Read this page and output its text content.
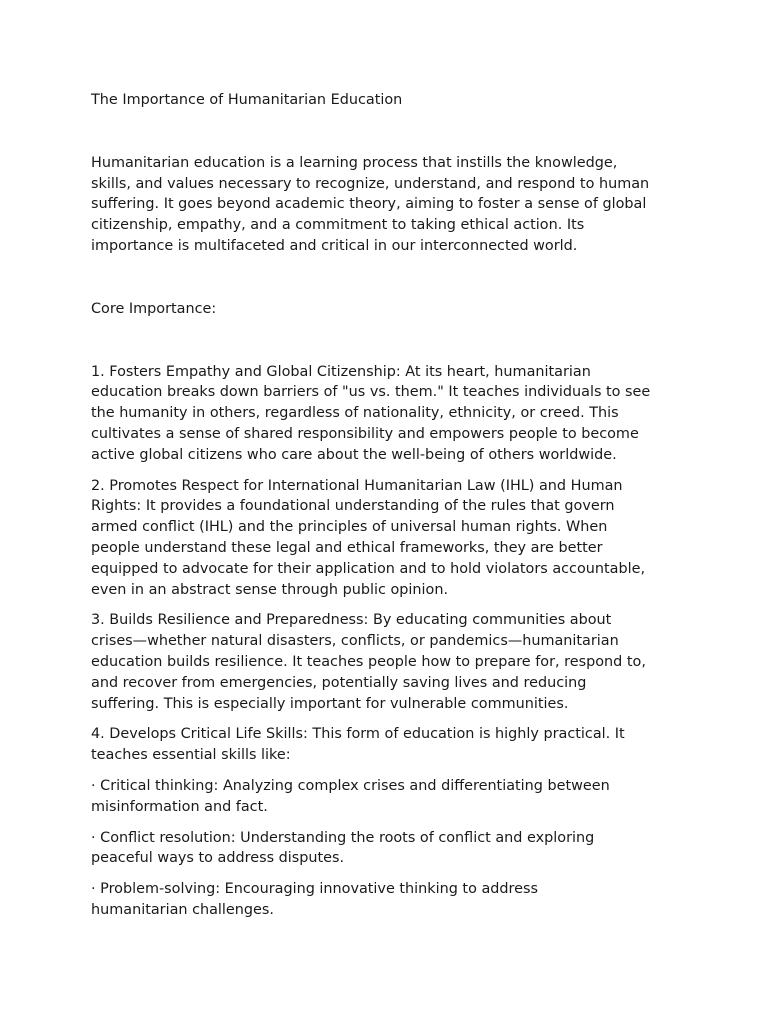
The Importance of Humanitarian Education

Humanitarian education is a learning process that instills the knowledge,
skills, and values necessary to recognize, understand, and respond to human
suffering. It goes beyond academic theory, aiming to foster a sense of global
citizenship, empathy, and a commitment to taking ethical action. Its
importance is multifaceted and critical in our interconnected world.

Core Importance:

1. Fosters Empathy and Global Citizenship: At its heart, humanitarian
education breaks down barriers of "us vs. them." It teaches individuals to see
the humanity in others, regardless of nationality, ethnicity, or creed. This
cultivates a sense of shared responsibility and empowers people to become
active global citizens who care about the well-being of others worldwide.

2. Promotes Respect for International Humanitarian Law (IHL) and Human
Rights: It provides a foundational understanding of the rules that govern
armed conflict (IHL) and the principles of universal human rights. When
people understand these legal and ethical frameworks, they are better
equipped to advocate for their application and to hold violators accountable,
even in an abstract sense through public opinion.

3. Builds Resilience and Preparedness: By educating communities about
crises—whether natural disasters, conflicts, or pandemics—humanitarian
education builds resilience. It teaches people how to prepare for, respond to,
and recover from emergencies, potentially saving lives and reducing
suffering. This is especially important for vulnerable communities.

4. Develops Critical Life Skills: This form of education is highly practical. It
teaches essential skills like:

· Critical thinking: Analyzing complex crises and differentiating between
misinformation and fact.

· Conflict resolution: Understanding the roots of conflict and exploring
peaceful ways to address disputes.

· Problem-solving: Encouraging innovative thinking to address
humanitarian challenges.
